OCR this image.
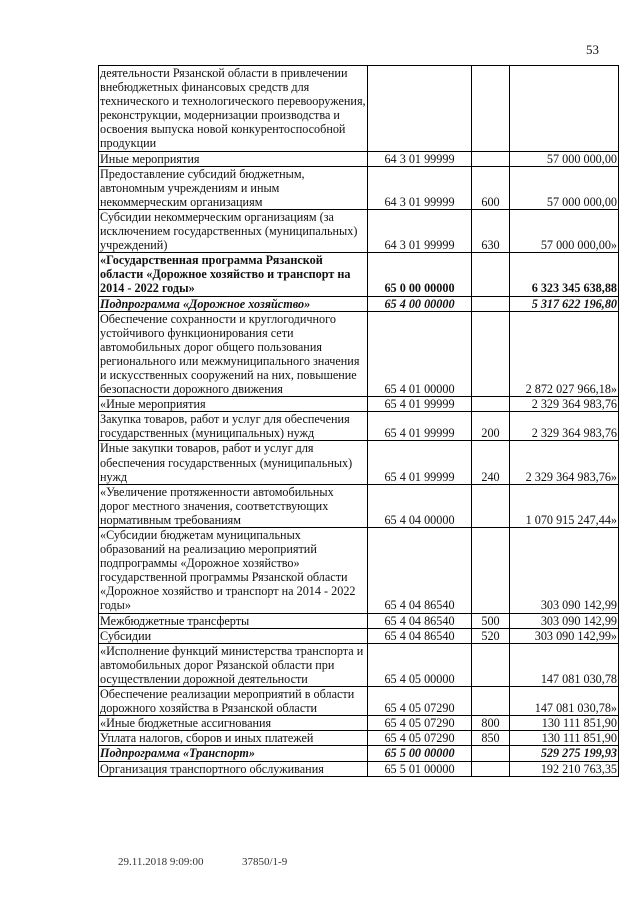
53
деятельности Рязанской области в привлечении внебюджетных финансовых средств для технического и технологического перевооружения, реконструкции, модернизации производства и освоения выпуска новой конкурентоспособной продукции			
Иные мероприятия	64 3 01 99999		57 000 000,00
Предоставление субсидий бюджетным, автономным учреждениям и иным некоммерческим организациям	64 3 01 99999	600	57 000 000,00
Субсидии некоммерческим организациям (за исключением государственных (муниципальных) учреждений)	64 3 01 99999	630	57 000 000,00»
«Государственная программа Рязанской области «Дорожное хозяйство и транспорт на 2014 - 2022 годы»	65 0 00 00000		6 323 345 638,88
Подпрограмма «Дорожное хозяйство»	65 4 00 00000		5 317 622 196,80
Обеспечение сохранности и круглогодичного устойчивого функционирования сети автомобильных дорог общего пользования регионального или межмуниципального значения и искусственных сооружений на них, повышение безопасности дорожного движения	65 4 01 00000		2 872 027 966,18»
«Иные мероприятия	65 4 01 99999		2 329 364 983,76
Закупка товаров, работ и услуг для обеспечения государственных (муниципальных) нужд	65 4 01 99999	200	2 329 364 983,76
Иные закупки товаров, работ и услуг для обеспечения государственных (муниципальных) нужд	65 4 01 99999	240	2 329 364 983,76»
«Увеличение протяженности автомобильных дорог местного значения, соответствующих нормативным требованиям	65 4 04 00000		1 070 915 247,44»
«Субсидии бюджетам муниципальных образований на реализацию мероприятий подпрограммы «Дорожное хозяйство» государственной программы Рязанской области «Дорожное хозяйство и транспорт на 2014 - 2022 годы»	65 4 04 86540		303 090 142,99
Межбюджетные трансферты	65 4 04 86540	500	303 090 142,99
Субсидии	65 4 04 86540	520	303 090 142,99»
«Исполнение функций министерства транспорта и автомобильных дорог Рязанской области при осуществлении дорожной деятельности	65 4 05 00000		147 081 030,78
Обеспечение реализации мероприятий в области дорожного хозяйства в Рязанской области	65 4 05 07290		147 081 030,78»
«Иные бюджетные ассигнования	65 4 05 07290	800	130 111 851,90
Уплата налогов, сборов и иных платежей	65 4 05 07290	850	130 111 851,90
Подпрограмма «Транспорт»	65 5 00 00000		529 275 199,93
Организация транспортного обслуживания	65 5 01 00000		192 210 763,35
29.11.2018 9:09:00	37850/1-9
